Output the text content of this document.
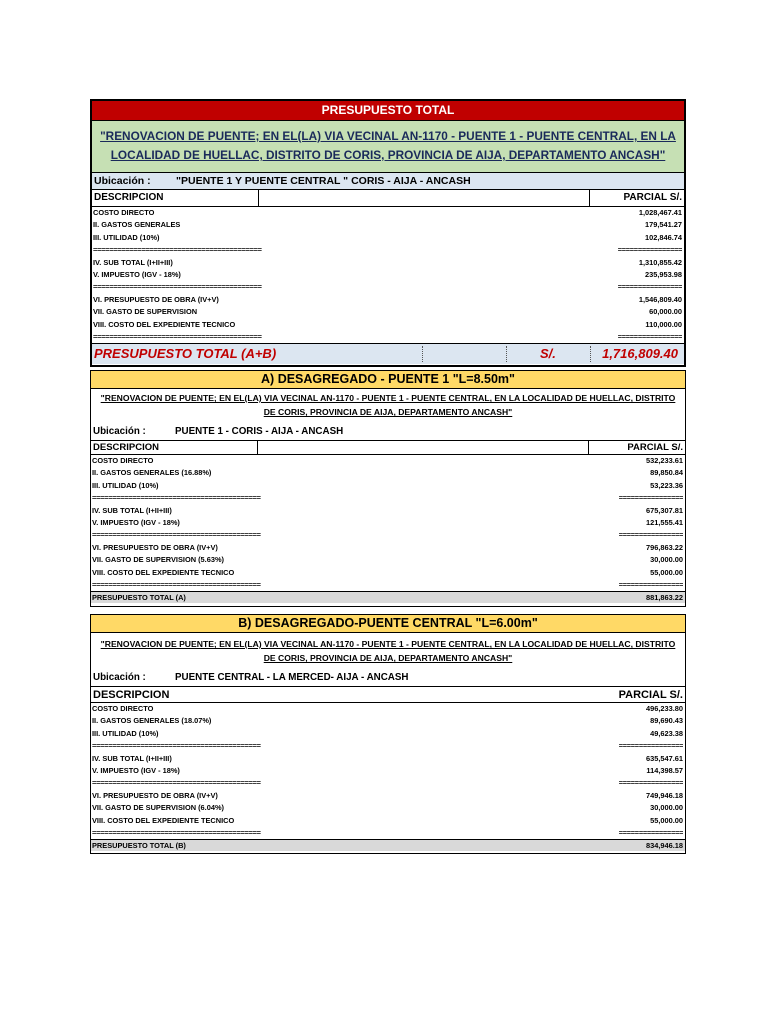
PRESUPUESTO TOTAL
"RENOVACION DE PUENTE; EN EL(LA) VIA VECINAL AN-1170 - PUENTE 1 - PUENTE CENTRAL, EN LA LOCALIDAD DE HUELLAC, DISTRITO DE CORIS, PROVINCIA DE AIJA, DEPARTAMENTO ANCASH"
Ubicación : "PUENTE 1 Y PUENTE CENTRAL " CORIS - AIJA - ANCASH
DESCRIPCION	PARCIAL S/.
COSTO DIRECTO	1,028,467.41
II. GASTOS GENERALES	179,541.27
III. UTILIDAD (10%)	102,846.74
==========================================	================
IV. SUB TOTAL (I+II+III)	1,310,855.42
V. IMPUESTO (IGV - 18%)	235,953.98
==========================================	================
VI. PRESUPUESTO DE OBRA (IV+V)	1,546,809.40
VII. GASTO DE SUPERVISION	60,000.00
VIII. COSTO DEL EXPEDIENTE TECNICO	110,000.00
==========================================	================
PRESUPUESTO TOTAL (A+B)	S/.	1,716,809.40
A) DESAGREGADO - PUENTE 1 "L=8.50m"
"RENOVACION DE PUENTE; EN EL(LA) VIA VECINAL AN-1170 - PUENTE 1 - PUENTE CENTRAL, EN LA LOCALIDAD DE HUELLAC, DISTRITO DE CORIS, PROVINCIA DE AIJA, DEPARTAMENTO ANCASH"
Ubicación :	PUENTE 1 - CORIS - AIJA - ANCASH
DESCRIPCION	PARCIAL S/.
COSTO DIRECTO	532,233.61
II. GASTOS GENERALES (16.88%)	89,850.84
III. UTILIDAD (10%)	53,223.36
==========================================	================
IV. SUB TOTAL (I+II+III)	675,307.81
V. IMPUESTO (IGV - 18%)	121,555.41
==========================================	================
VI. PRESUPUESTO DE OBRA (IV+V)	796,863.22
VII. GASTO DE SUPERVISION (5.63%)	30,000.00
VIII. COSTO DEL EXPEDIENTE TECNICO	55,000.00
==========================================	================
PRESUPUESTO TOTAL (A)	881,863.22
B) DESAGREGADO-PUENTE CENTRAL "L=6.00m"
"RENOVACION DE PUENTE; EN EL(LA) VIA VECINAL AN-1170 - PUENTE 1 - PUENTE CENTRAL, EN LA LOCALIDAD DE HUELLAC, DISTRITO DE CORIS, PROVINCIA DE AIJA, DEPARTAMENTO ANCASH"
Ubicación :	PUENTE CENTRAL - LA MERCED- AIJA - ANCASH
DESCRIPCION	PARCIAL S/.
COSTO DIRECTO	496,233.80
II. GASTOS GENERALES (18.07%)	89,690.43
III. UTILIDAD (10%)	49,623.38
==========================================	================
IV. SUB TOTAL (I+II+III)	635,547.61
V. IMPUESTO (IGV - 18%)	114,398.57
==========================================	================
VI. PRESUPUESTO DE OBRA (IV+V)	749,946.18
VII. GASTO DE SUPERVISION (6.04%)	30,000.00
VIII. COSTO DEL EXPEDIENTE TECNICO	55,000.00
==========================================	================
PRESUPUESTO TOTAL (B)	834,946.18
